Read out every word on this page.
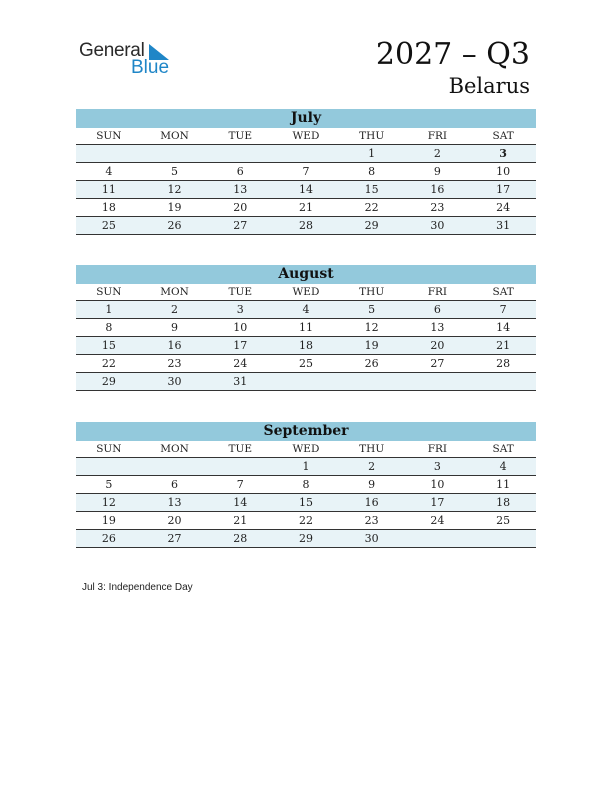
General
Blue	2027 – Q3
Belarus
July
SUN	MON	TUE	WED	THU	FRI	SAT
				1	2	3
4	5	6	7	8	9	10
11	12	13	14	15	16	17
18	19	20	21	22	23	24
25	26	27	28	29	30	31
August
SUN	MON	TUE	WED	THU	FRI	SAT
1	2	3	4	5	6	7
8	9	10	11	12	13	14
15	16	17	18	19	20	21
22	23	24	25	26	27	28
29	30	31				
September
SUN	MON	TUE	WED	THU	FRI	SAT
			1	2	3	4
5	6	7	8	9	10	11
12	13	14	15	16	17	18
19	20	21	22	23	24	25
26	27	28	29	30		
Jul 3: Independence Day
